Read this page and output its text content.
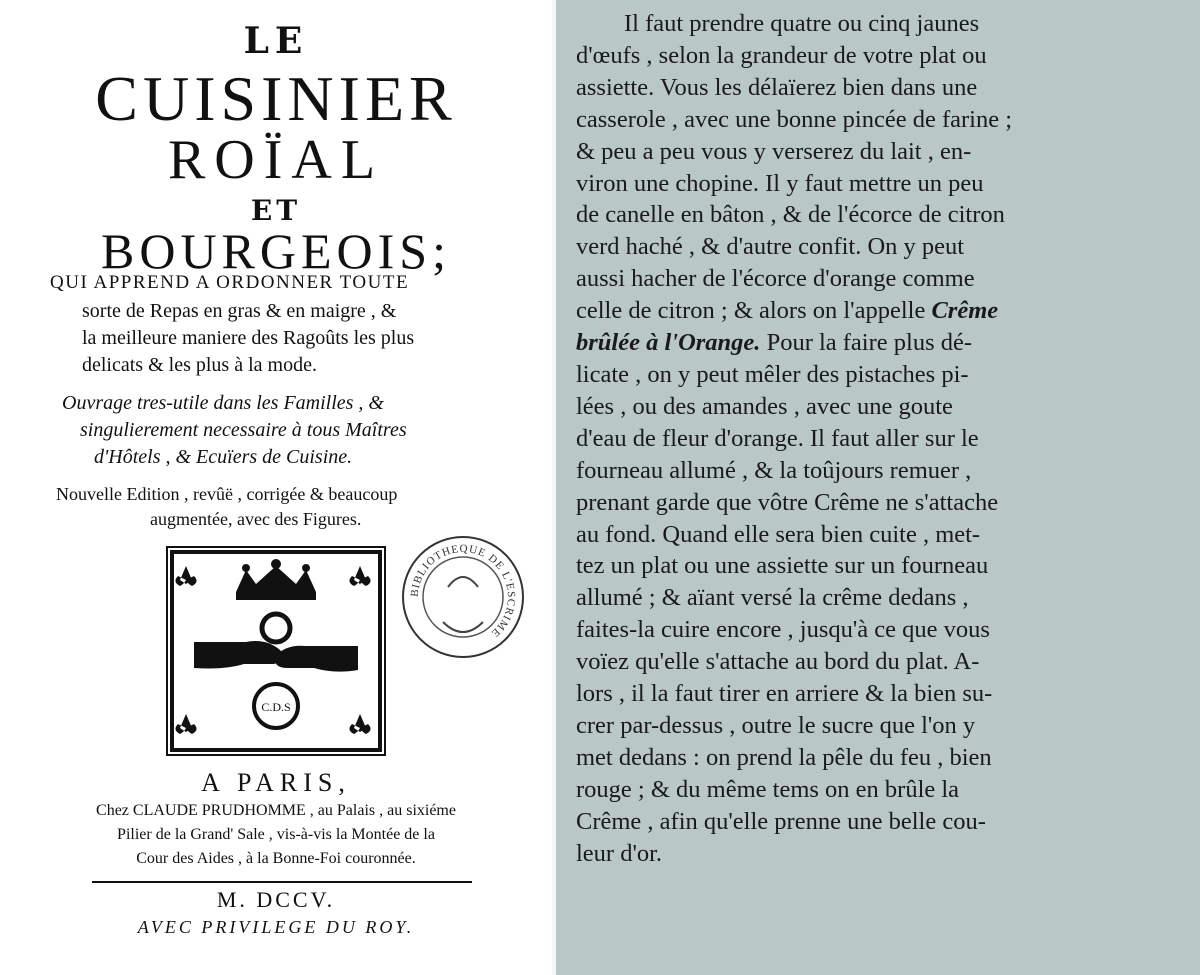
LE
CUISINIER
ROÏAL
ET
BOURGEOIS;
QUI APPREND A ORDONNER TOUTE
sorte de Repas en gras & en maigre , &
la meilleure maniere des Ragoûts les plus
delicats & les plus à la mode.
Ouvrage tres-utile dans les Familles , &
singulierement necessaire à tous Maîtres
d'Hôtels , & Ecuïers de Cuisine.
Nouvelle Edition , revûë , corrigée & beaucoup
augmentée, avec des Figures.
C.D.S
BIBLIOTHEQUE DE L'ESCRIME
A PARIS,
Chez CLAUDE PRUDHOMME , au Palais , au sixiéme
Pilier de la Grand' Sale , vis-à-vis la Montée de la
Cour des Aides , à la Bonne-Foi couronnée.
M. DCCV.
AVEC PRIVILEGE DU ROY.
Il faut prendre quatre ou cinq jaunes
d'œufs , selon la grandeur de votre plat ou
assiette. Vous les délaïerez bien dans une
casserole , avec une bonne pincée de farine ;
& peu a peu vous y verserez du lait , en-
viron une chopine. Il y faut mettre un peu
de canelle en bâton , & de l'écorce de citron
verd haché , & d'autre confit. On y peut
aussi hacher de l'écorce d'orange comme
celle de citron ; & alors on l'appelle Crême
brûlée à l'Orange. Pour la faire plus dé-
licate , on y peut mêler des pistaches pi-
lées , ou des amandes , avec une goute
d'eau de fleur d'orange. Il faut aller sur le
fourneau allumé , & la toûjours remuer ,
prenant garde que vôtre Crême ne s'attache
au fond. Quand elle sera bien cuite , met-
tez un plat ou une assiette sur un fourneau
allumé ; & aïant versé la crême dedans ,
faites-la cuire encore , jusqu'à ce que vous
voïez qu'elle s'attache au bord du plat. A-
lors , il la faut tirer en arriere & la bien su-
crer par-dessus , outre le sucre que l'on y
met dedans : on prend la pêle du feu , bien
rouge ; & du même tems on en brûle la
Crême , afin qu'elle prenne une belle cou-
leur d'or.
